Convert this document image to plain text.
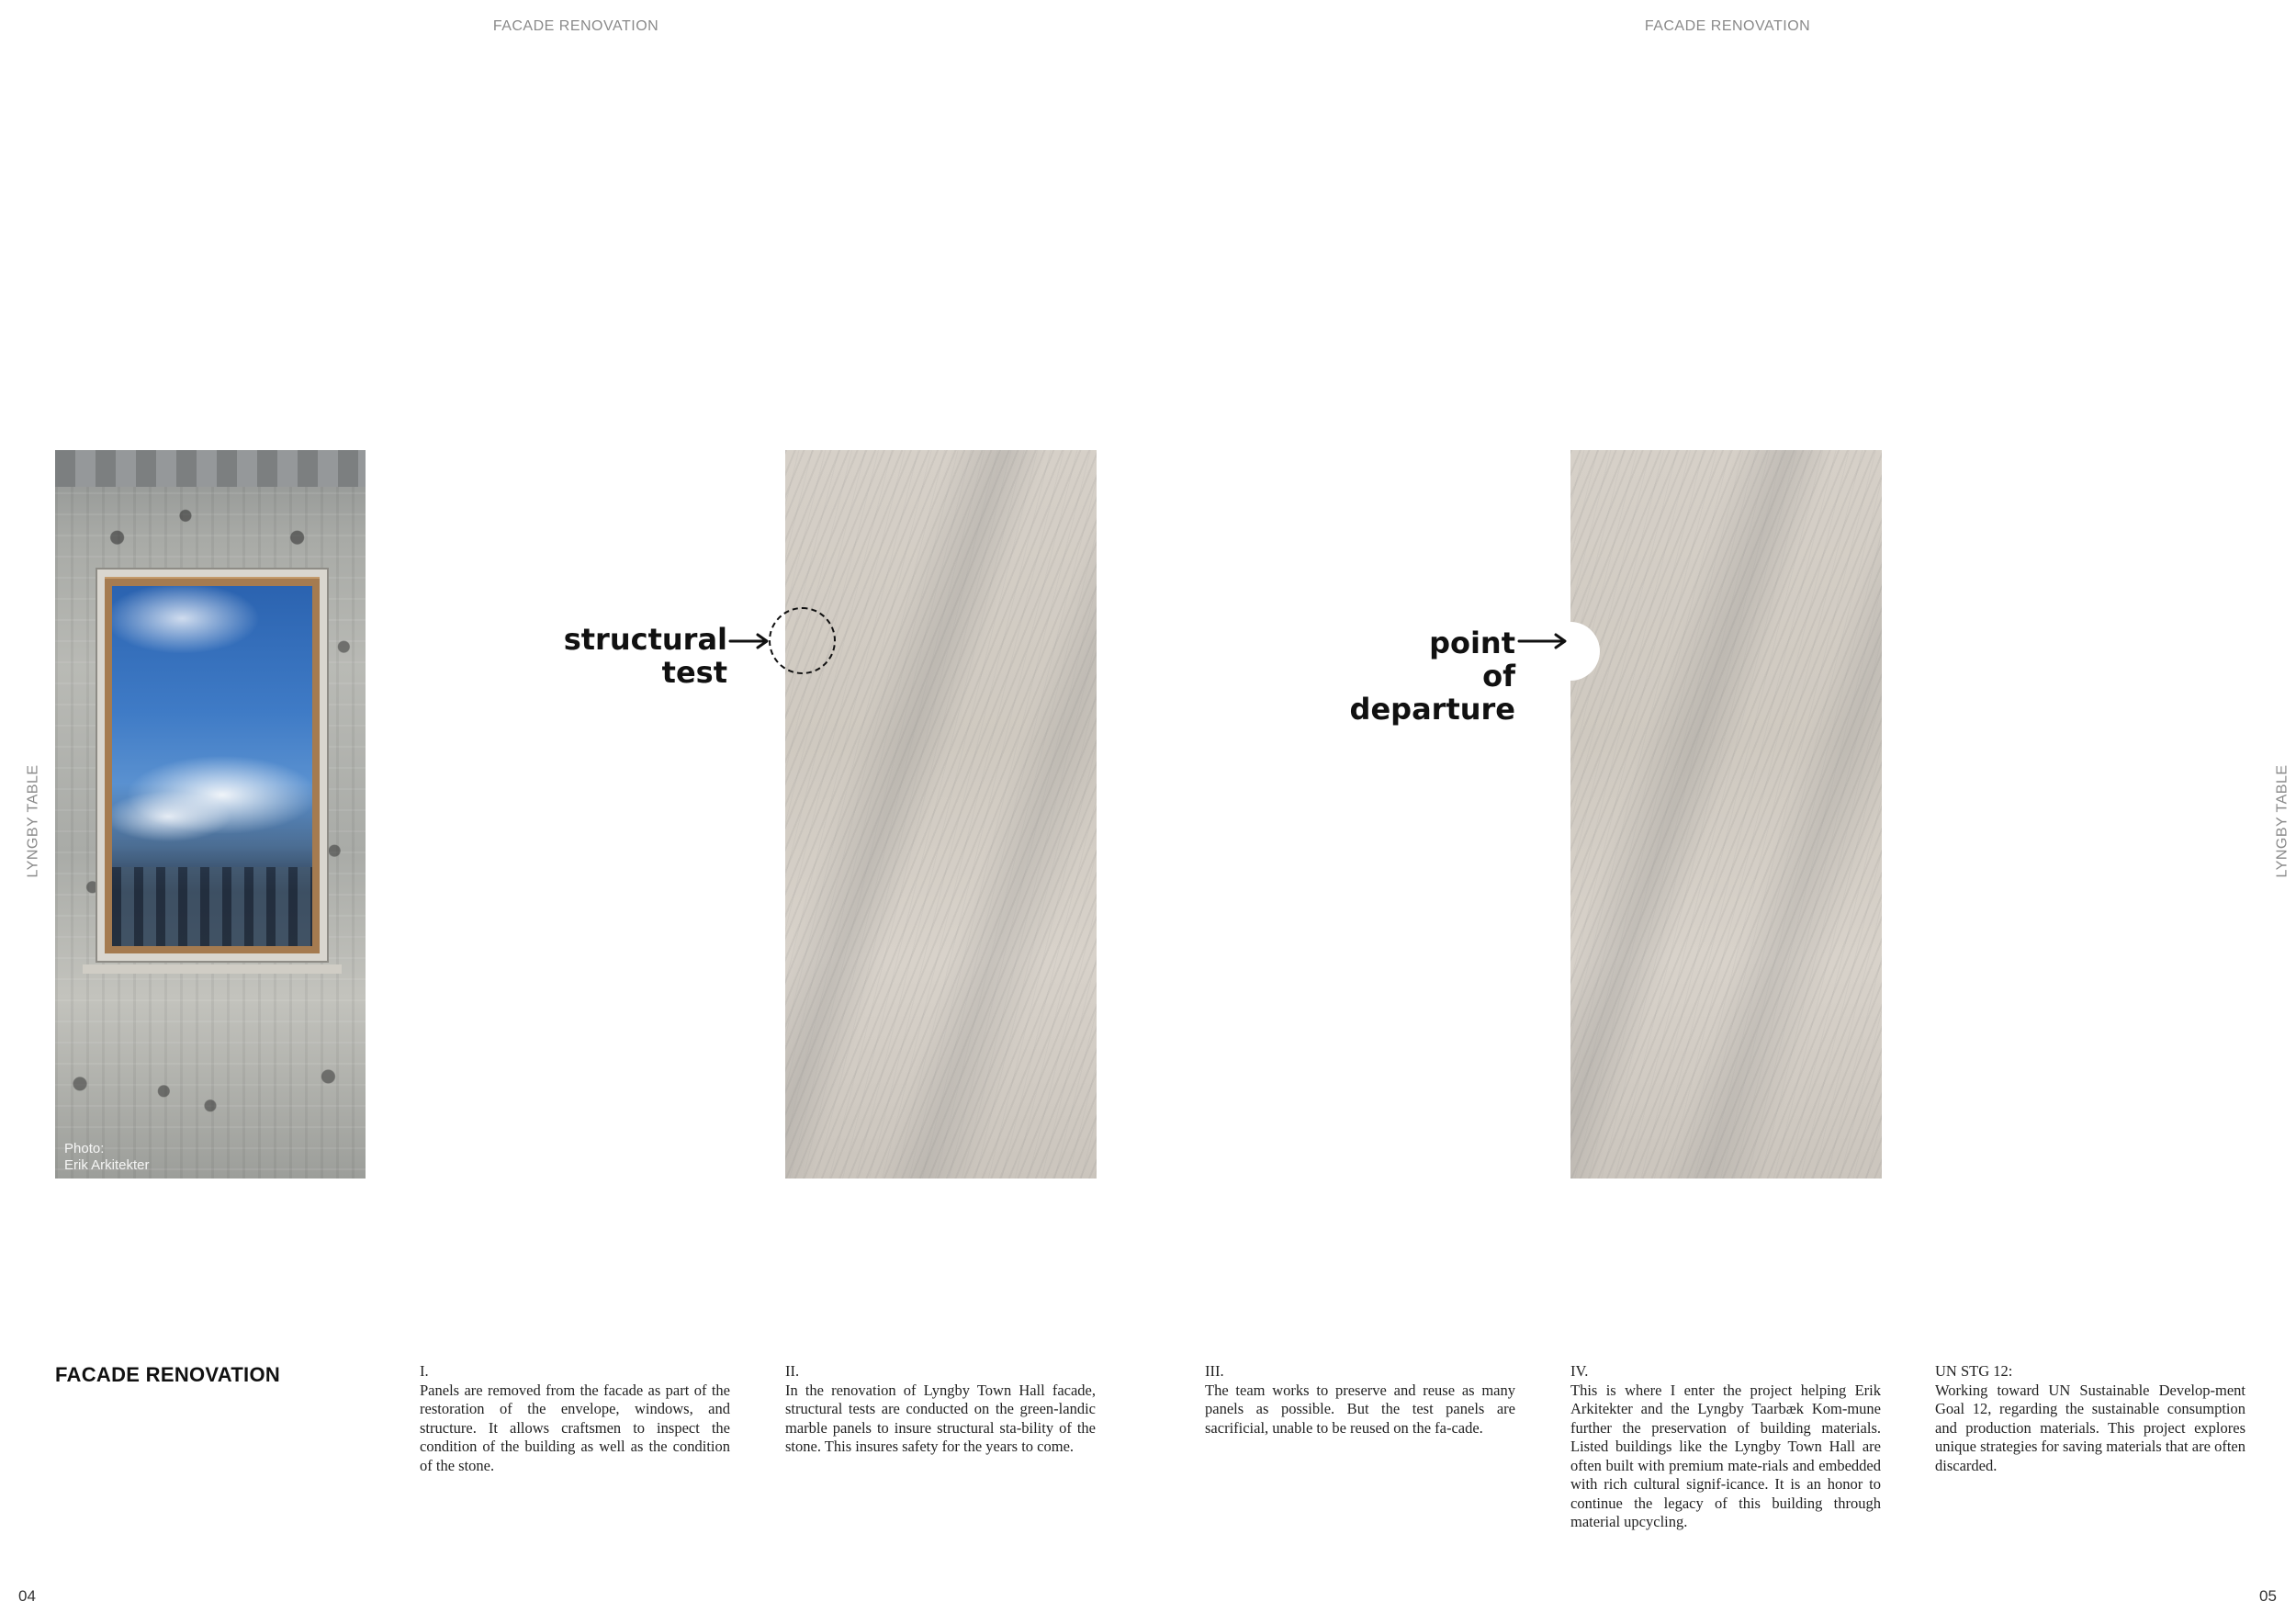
FACADE RENOVATION	FACADE RENOVATION
LYNGBY TABLE	LYNGBY TABLE
Photo:
Erik Arkitekter
structural
test
point
of
departure
FACADE RENOVATION	I.
Panels are removed from the facade as part of the restoration of the envelope, windows, and structure. It allows craftsmen to inspect the condition of the building as well as the condition of the stone.
II.
In the renovation of Lyngby Town Hall facade, structural tests are conducted on the green-landic marble panels to insure structural sta-bility of the stone. This insures safety for the years to come.
III.
The team works to preserve and reuse as many panels as possible. But the test panels are sacrificial, unable to be reused on the fa-cade.
IV.
This is where I enter the project helping Erik Arkitekter and the Lyngby Taarbæk Kom-mune further the preservation of building materials. Listed buildings like the Lyngby Town Hall are often built with premium mate-rials and embedded with rich cultural signif-icance. It is an honor to continue the legacy of this building through material upcycling.
UN STG 12:
Working toward UN Sustainable Develop-ment Goal 12, regarding the sustainable consumption and production materials. This project explores unique strategies for saving materials that are often discarded.
04	05
